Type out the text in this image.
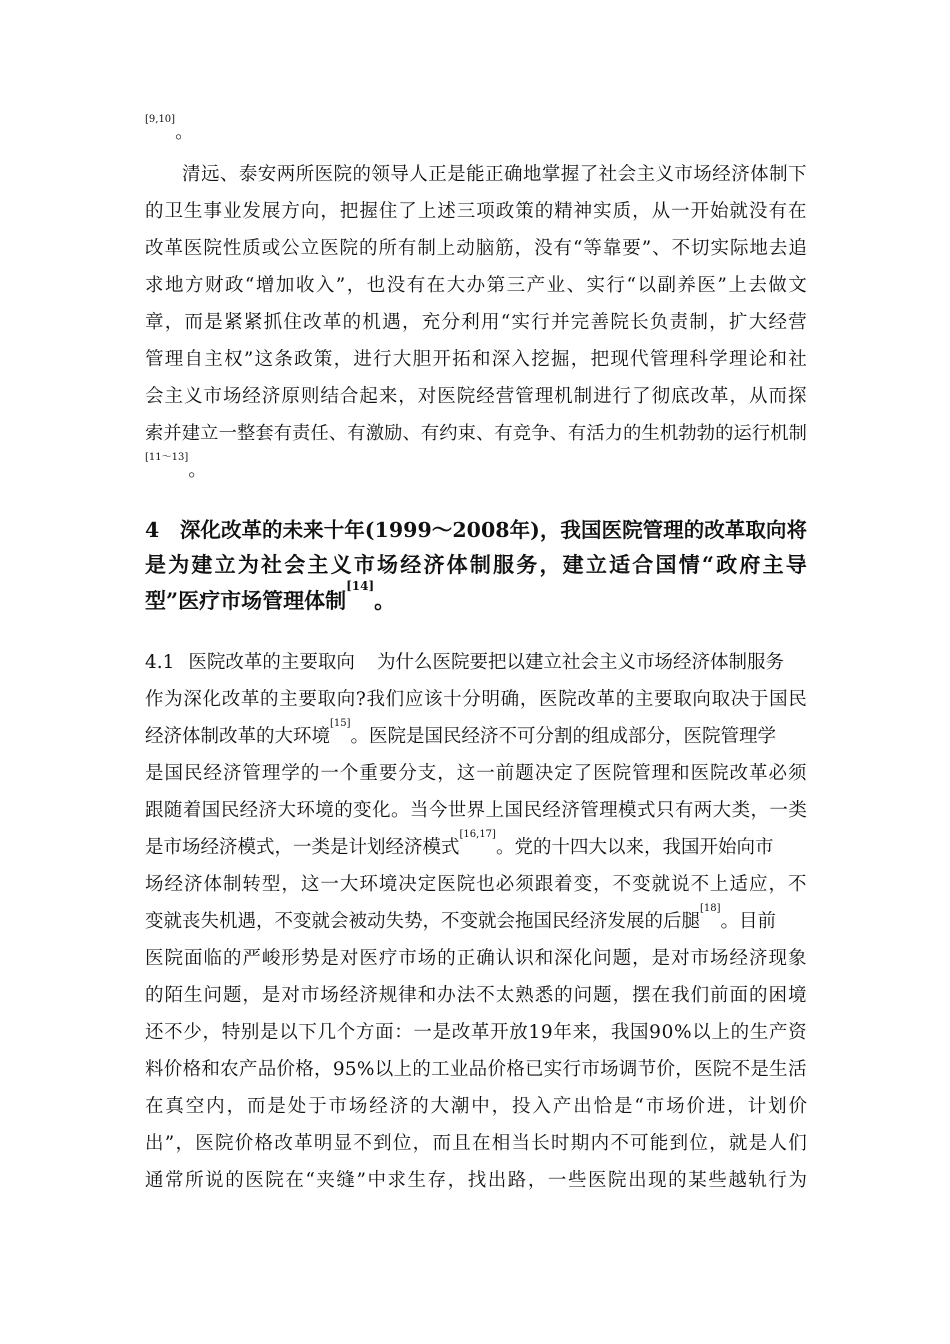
[9,10]
。
清 远 、 泰 安 两 所 医 院 的 领 导 人 正 是 能 正 确 地 掌 握 了 社 会 主 义 市 场 经 济 体 制 下
的 卫 生 事 业 发 展 方 向 ， 把 握 住 了 上 述 三 项 政 策 的 精 神 实 质 ， 从 一 开 始 就 没 有 在
改 革 医 院 性 质 或 公 立 医 院 的 所 有 制 上 动 脑 筋 ， 没 有 “ 等 靠 要 ” 、 不 切 实 际 地 去 追
求 地 方 财 政 “ 增 加 收 入 ” ， 也 没 有 在 大 办 第 三 产 业 、 实 行 “ 以 副 养 医 ” 上 去 做 文
章 ， 而 是 紧 紧 抓 住 改 革 的 机 遇 ， 充 分 利 用 “ 实 行 并 完 善 院 长 负 责 制 ， 扩 大 经 营
管 理 自 主 权 ” 这 条 政 策 ， 进 行 大 胆 开 拓 和 深 入 挖 掘 ， 把 现 代 管 理 科 学 理 论 和 社
会 主 义 市 场 经 济 原 则 结 合 起 来 ， 对 医 院 经 营 管 理 机 制 进 行 了 彻 底 改 革 ， 从 而 探
索 并 建 立 一 整 套 有 责 任 、 有 激 励 、 有 约 束 、 有 竞 争 、 有 活 力 的 生 机 勃 勃 的 运 行 机 制
[11～13]
。
4
　 深 化 改 革 的 未 来 十 年 ( 1 9 9 9 ～ 2 0 0 8 年 ) ， 我 国 医 院 管 理 的 改 革 取 向 将
是 为 建 立 为 社 会 主 义 市 场 经 济 体 制 服 务 ， 建 立 适 合 国 情 “ 政 府 主 导
型”医疗市场管理体制
[14]
。
4.1 医院改革的主要取向 为什么医院要把以建立社会主义市场经济体制服务
作 为 深 化 改 革 的 主 要 取 向 ? 我 们 应 该 十 分 明 确 ， 医 院 改 革 的 主 要 取 向 取 决 于 国 民
经济体制改革的大环境
[15]
。医院是国民经济不可分割的组成部分，医院管理学
是 国 民 经 济 管 理 学 的 一 个 重 要 分 支 ， 这 一 前 题 决 定 了 医 院 管 理 和 医 院 改 革 必 须
跟 随 着 国 民 经 济 大 环 境 的 变 化 。 当 今 世 界 上 国 民 经 济 管 理 模 式 只 有 两 大 类 ， 一 类
是市场经济模式，一类是计划经济模式
[16,17]
。党的十四大以来，我国开始向市
场 经 济 体 制 转 型 ， 这 一 大 环 境 决 定 医 院 也 必 须 跟 着 变 ， 不 变 就 说 不 上 适 应 ， 不
变就丧失机遇，不变就会被动失势，不变就会拖国民经济发展的后腿
[18]
。目前
医 院 面 临 的 严 峻 形 势 是 对 医 疗 市 场 的 正 确 认 识 和 深 化 问 题 ， 是 对 市 场 经 济 现 象
的 陌 生 问 题 ， 是 对 市 场 经 济 规 律 和 办 法 不 太 熟 悉 的 问 题 ， 摆 在 我 们 前 面 的 困 境
还 不 少 ， 特 别 是 以 下 几 个 方 面 ： 一 是 改 革 开 放 1 9 年 来 ， 我 国 9 0 % 以 上 的 生 产 资
料 价 格 和 农 产 品 价 格 ， 9 5 % 以 上 的 工 业 品 价 格 已 实 行 市 场 调 节 价 ， 医 院 不 是 生 活
在 真 空 内 ， 而 是 处 于 市 场 经 济 的 大 潮 中 ， 投 入 产 出 恰 是 “ 市 场 价 进 ， 计 划 价
出 ” ， 医 院 价 格 改 革 明 显 不 到 位 ， 而 且 在 相 当 长 时 期 内 不 可 能 到 位 ， 就 是 人 们
通 常 所 说 的 医 院 在 “ 夹 缝 ” 中 求 生 存 ， 找 出 路 ， 一 些 医 院 出 现 的 某 些 越 轨 行 为
